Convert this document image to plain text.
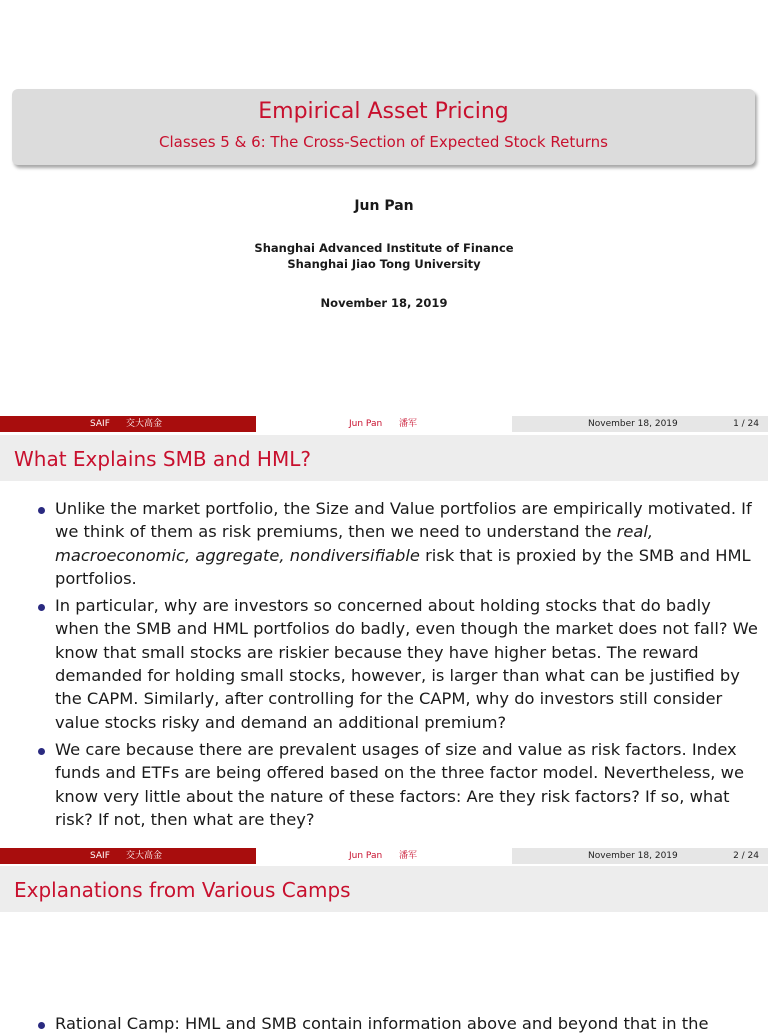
Empirical Asset Pricing
Classes 5 & 6: The Cross-Section of Expected Stock Returns
Jun Pan
Shanghai Advanced Institute of Finance
Shanghai Jiao Tong University
November 18, 2019
SAIF 交大高金	Jun Pan 潘军	November 18, 2019	1 / 24
What Explains SMB and HML?
Unlike the market portfolio, the Size and Value portfolios are empirically motivated. If we think of them as risk premiums, then we need to understand the real, macroeconomic, aggregate, nondiversifiable risk that is proxied by the SMB and HML portfolios.
In particular, why are investors so concerned about holding stocks that do badly when the SMB and HML portfolios do badly, even though the market does not fall? We know that small stocks are riskier because they have higher betas. The reward demanded for holding small stocks, however, is larger than what can be justified by the CAPM. Similarly, after controlling for the CAPM, why do investors still consider value stocks risky and demand an additional premium?
We care because there are prevalent usages of size and value as risk factors. Index funds and ETFs are being offered based on the three factor model. Nevertheless, we know very little about the nature of these factors: Are they risk factors? If so, what risk? If not, then what are they?
SAIF 交大高金	Jun Pan 潘军	November 18, 2019	2 / 24
Explanations from Various Camps
Rational Camp: HML and SMB contain information above and beyond that in the
